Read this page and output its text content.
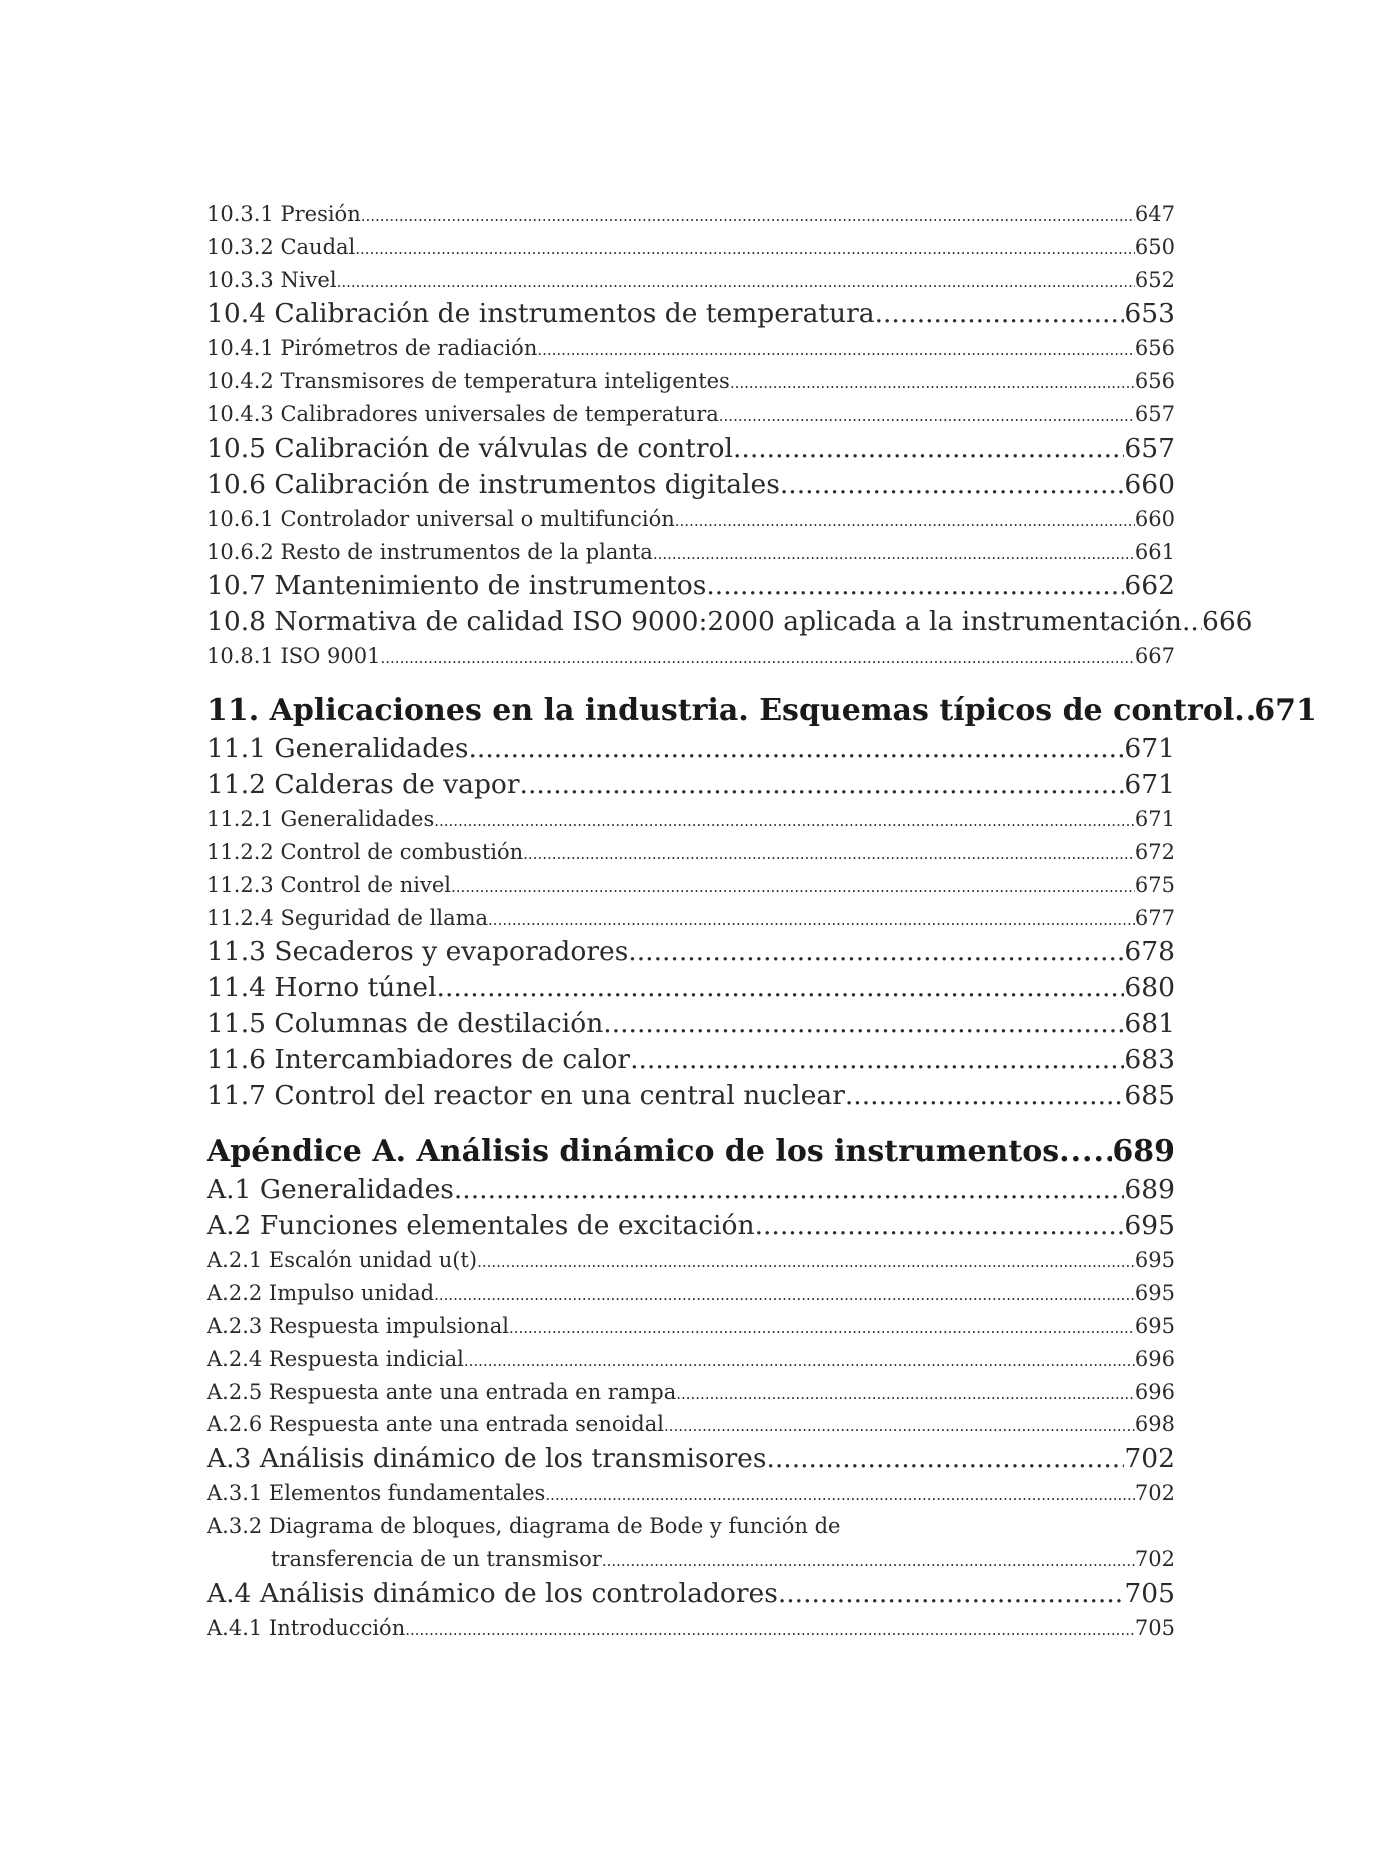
10.3.1 Presión .....	647
10.3.2 Caudal .....	650
10.3.3 Nivel .....	652
10.4 Calibración de instrumentos de temperatura .....	653
10.4.1 Pirómetros de radiación .....	656
10.4.2 Transmisores de temperatura inteligentes .....	656
10.4.3 Calibradores universales de temperatura .....	657
10.5 Calibración de válvulas de control .....	657
10.6 Calibración de instrumentos digitales .....	660
10.6.1 Controlador universal o multifunción .....	660
10.6.2 Resto de instrumentos de la planta .....	661
10.7 Mantenimiento de instrumentos .....	662
10.8 Normativa de calidad ISO 9000:2000 aplicada a la instrumentación ..... 666
10.8.1 ISO 9001 .....	667
11. Aplicaciones en la industria. Esquemas típicos de control ..... 671
11.1 Generalidades .....	671
11.2 Calderas de vapor .....	671
11.2.1 Generalidades .....	671
11.2.2 Control de combustión .....	672
11.2.3 Control de nivel .....	675
11.2.4 Seguridad de llama .....	677
11.3 Secaderos y evaporadores .....	678
11.4 Horno túnel .....	680
11.5 Columnas de destilación .....	681
11.6 Intercambiadores de calor .....	683
11.7 Control del reactor en una central nuclear .....	685
Apéndice A. Análisis dinámico de los instrumentos ..... 689
A.1 Generalidades .....	689
A.2 Funciones elementales de excitación .....	695
A.2.1 Escalón unidad u(t) .....	695
A.2.2 Impulso unidad .....	695
A.2.3 Respuesta impulsional .....	695
A.2.4 Respuesta indicial .....	696
A.2.5 Respuesta ante una entrada en rampa .....	696
A.2.6 Respuesta ante una entrada senoidal .....	698
A.3 Análisis dinámico de los transmisores .....	702
A.3.1 Elementos fundamentales .....	702
A.3.2 Diagrama de bloques, diagrama de Bode y función de
transferencia de un transmisor .....	702
A.4 Análisis dinámico de los controladores .....	705
A.4.1 Introducción .....	705
